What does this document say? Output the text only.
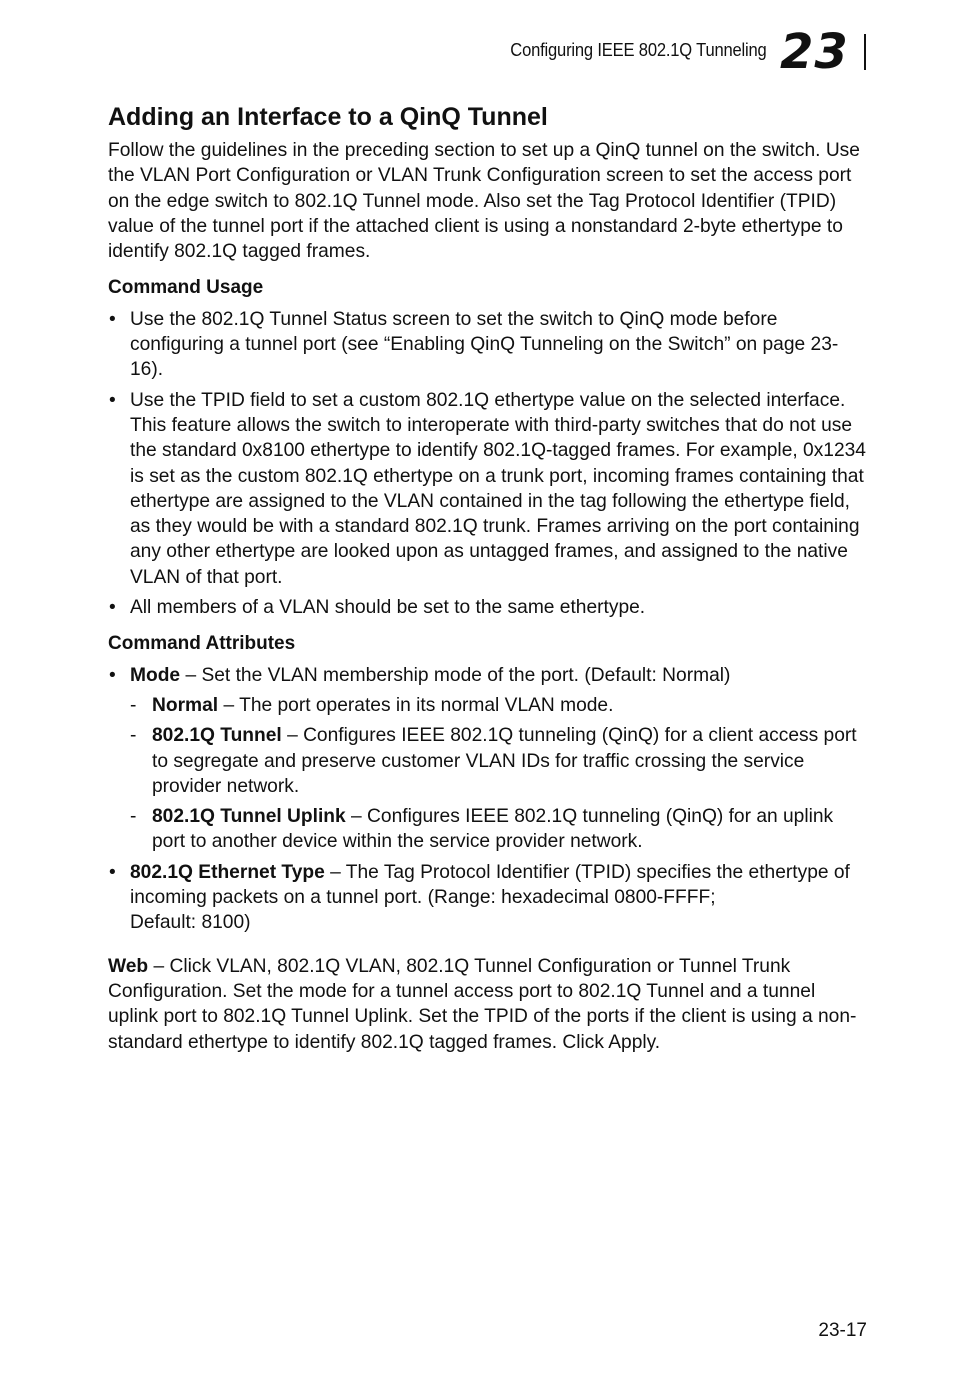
Configuring IEEE 802.1Q Tunneling 23
Adding an Interface to a QinQ Tunnel

Follow the guidelines in the preceding section to set up a QinQ tunnel on the switch. Use the VLAN Port Configuration or VLAN Trunk Configuration screen to set the access port on the edge switch to 802.1Q Tunnel mode. Also set the Tag Protocol Identifier (TPID) value of the tunnel port if the attached client is using a nonstandard 2-byte ethertype to identify 802.1Q tagged frames.

Command Usage
• Use the 802.1Q Tunnel Status screen to set the switch to QinQ mode before configuring a tunnel port (see “Enabling QinQ Tunneling on the Switch” on page 23-16).
• Use the TPID field to set a custom 802.1Q ethertype value on the selected interface. This feature allows the switch to interoperate with third-party switches that do not use the standard 0x8100 ethertype to identify 802.1Q-tagged frames. For example, 0x1234 is set as the custom 802.1Q ethertype on a trunk port, incoming frames containing that ethertype are assigned to the VLAN contained in the tag following the ethertype field, as they would be with a standard 802.1Q trunk. Frames arriving on the port containing any other ethertype are looked upon as untagged frames, and assigned to the native VLAN of that port.
• All members of a VLAN should be set to the same ethertype.
Command Attributes
• Mode – Set the VLAN membership mode of the port. (Default: Normal)
- Normal – The port operates in its normal VLAN mode.
- 802.1Q Tunnel – Configures IEEE 802.1Q tunneling (QinQ) for a client access port to segregate and preserve customer VLAN IDs for traffic crossing the service provider network.
- 802.1Q Tunnel Uplink – Configures IEEE 802.1Q tunneling (QinQ) for an uplink port to another device within the service provider network.
• 802.1Q Ethernet Type – The Tag Protocol Identifier (TPID) specifies the ethertype of incoming packets on a tunnel port. (Range: hexadecimal 0800-FFFF;
Default: 8100)

Web – Click VLAN, 802.1Q VLAN, 802.1Q Tunnel Configuration or Tunnel Trunk Configuration. Set the mode for a tunnel access port to 802.1Q Tunnel and a tunnel uplink port to 802.1Q Tunnel Uplink. Set the TPID of the ports if the client is using a non-standard ethertype to identify 802.1Q tagged frames. Click Apply.

23-17
